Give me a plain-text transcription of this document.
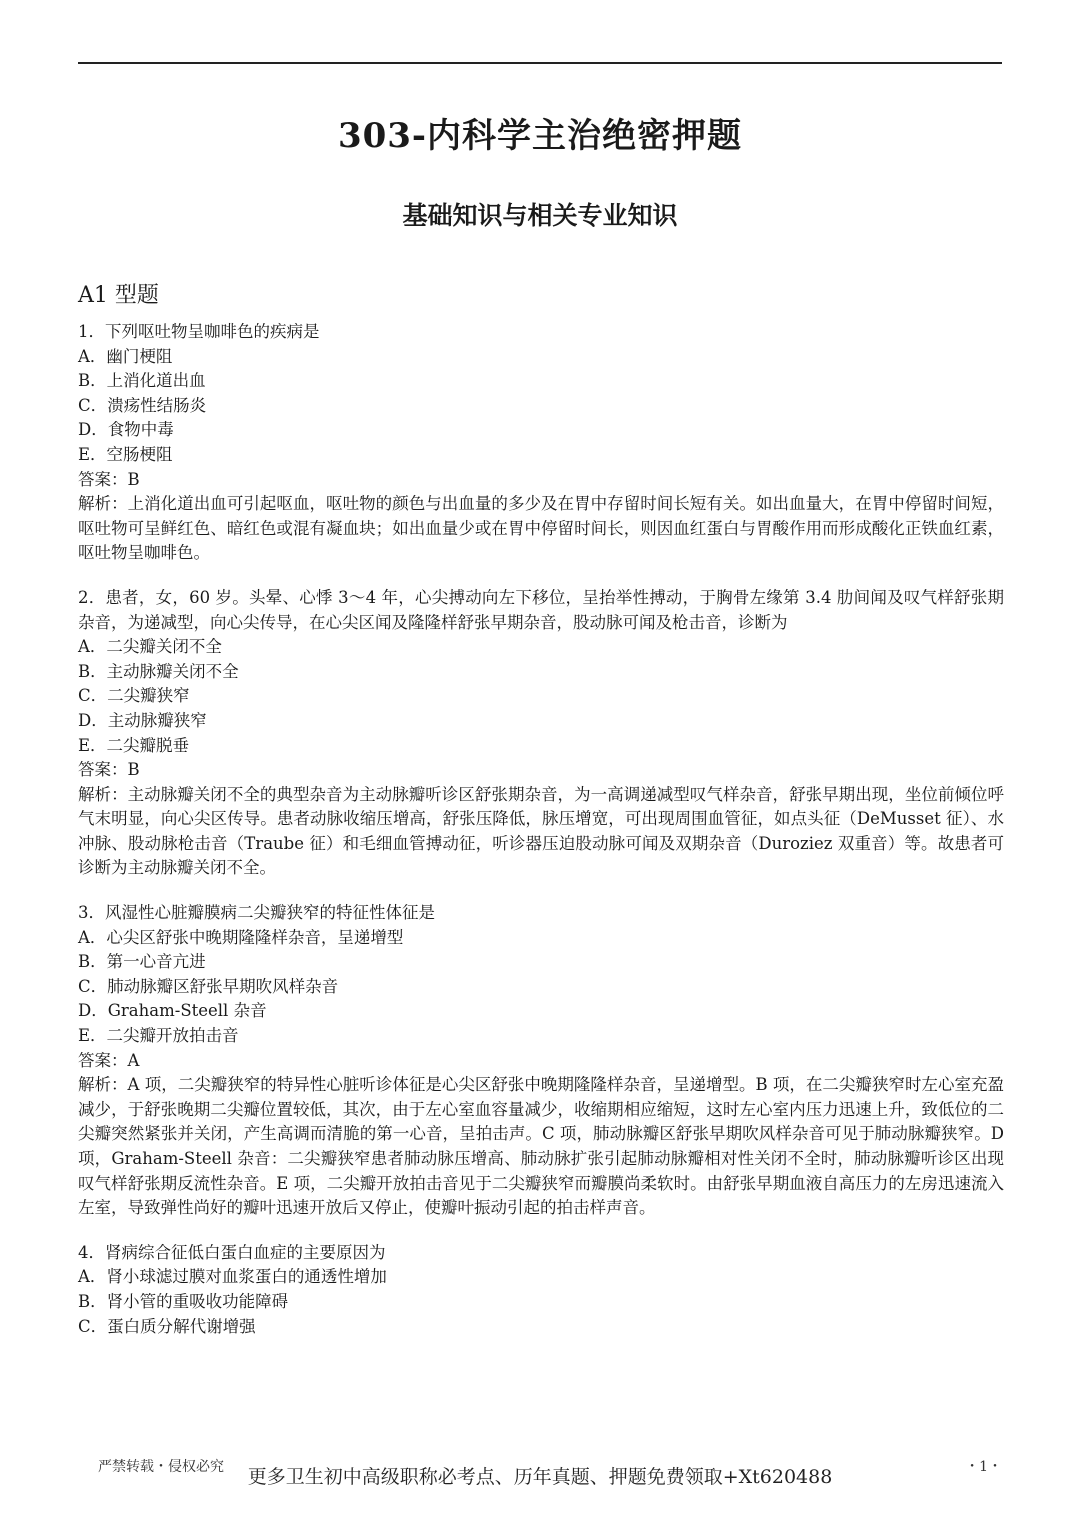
303-内科学主治绝密押题
基础知识与相关专业知识
A1 型题
1．下列呕吐物呈咖啡色的疾病是
A．幽门梗阻
B．上消化道出血
C．溃疡性结肠炎
D．食物中毒
E．空肠梗阻
答案：B
解析：上消化道出血可引起呕血，呕吐物的颜色与出血量的多少及在胃中存留时间长短有关。如出血量大，在胃中停留时间短，呕吐物可呈鲜红色、暗红色或混有凝血块；如出血量少或在胃中停留时间长，则因血红蛋白与胃酸作用而形成酸化正铁血红素，呕吐物呈咖啡色。
2．患者，女，60 岁。头晕、心悸 3～4 年，心尖搏动向左下移位，呈抬举性搏动，于胸骨左缘第 3.4 肋间闻及叹气样舒张期杂音，为递减型，向心尖传导，在心尖区闻及隆隆样舒张早期杂音，股动脉可闻及枪击音，诊断为
A．二尖瓣关闭不全
B．主动脉瓣关闭不全
C．二尖瓣狭窄
D．主动脉瓣狭窄
E．二尖瓣脱垂
答案：B
解析：主动脉瓣关闭不全的典型杂音为主动脉瓣听诊区舒张期杂音，为一高调递减型叹气样杂音，舒张早期出现，坐位前倾位呼气末明显，向心尖区传导。患者动脉收缩压增高，舒张压降低，脉压增宽，可出现周围血管征，如点头征（DeMusset 征）、水冲脉、股动脉枪击音（Traube 征）和毛细血管搏动征，听诊器压迫股动脉可闻及双期杂音（Duroziez 双重音）等。故患者可诊断为主动脉瓣关闭不全。
3．风湿性心脏瓣膜病二尖瓣狭窄的特征性体征是
A．心尖区舒张中晚期隆隆样杂音，呈递增型
B．第一心音亢进
C．肺动脉瓣区舒张早期吹风样杂音
D．Graham-Steell 杂音
E．二尖瓣开放拍击音
答案：A
解析：A 项，二尖瓣狭窄的特异性心脏听诊体征是心尖区舒张中晚期隆隆样杂音，呈递增型。B 项，在二尖瓣狭窄时左心室充盈减少，于舒张晚期二尖瓣位置较低，其次，由于左心室血容量减少，收缩期相应缩短，这时左心室内压力迅速上升，致低位的二尖瓣突然紧张并关闭，产生高调而清脆的第一心音，呈拍击声。C 项，肺动脉瓣区舒张早期吹风样杂音可见于肺动脉瓣狭窄。D 项，Graham-Steell 杂音：二尖瓣狭窄患者肺动脉压增高、肺动脉扩张引起肺动脉瓣相对性关闭不全时，肺动脉瓣听诊区出现叹气样舒张期反流性杂音。E 项，二尖瓣开放拍击音见于二尖瓣狭窄而瓣膜尚柔软时。由舒张早期血液自高压力的左房迅速流入左室，导致弹性尚好的瓣叶迅速开放后又停止，使瓣叶振动引起的拍击样声音。
4．肾病综合征低白蛋白血症的主要原因为
A．肾小球滤过膜对血浆蛋白的通透性增加
B．肾小管的重吸收功能障碍
C．蛋白质分解代谢增强
严禁转载・侵权必究	更多卫生初中高级职称必考点、历年真题、押题免费领取+Xt620488	・1・
